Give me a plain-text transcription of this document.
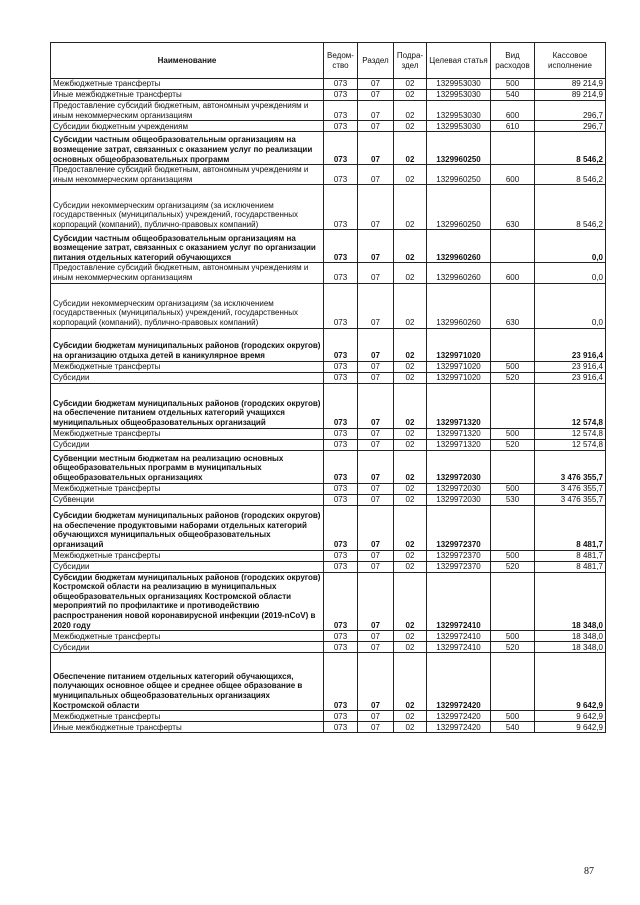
Наименование	Ведом-ство	Раздел	Подра-здел	Целевая статья	Вид расходов	Кассовое исполнение
Межбюджетные трансферты	073	07	02	1329953030	500	89 214,9
Иные межбюджетные трансферты	073	07	02	1329953030	540	89 214,9
Предоставление субсидий бюджетным, автономным учреждениям и иным некоммерческим организациям	073	07	02	1329953030	600	296,7
Субсидии бюджетным учреждениям	073	07	02	1329953030	610	296,7
Субсидии частным общеобразовательным организациям на возмещение затрат, связанных с оказанием услуг по реализации основных общеобразовательных программ	073	07	02	1329960250		8 546,2
Предоставление субсидий бюджетным, автономным учреждениям и иным некоммерческим организациям	073	07	02	1329960250	600	8 546,2
Субсидии некоммерческим организациям (за исключением государственных (муниципальных) учреждений, государственных корпораций (компаний), публично-правовых компаний)	073	07	02	1329960250	630	8 546,2
Субсидии частным общеобразовательным организациям на возмещение затрат, связанных с оказанием услуг по организации питания отдельных категорий обучающихся	073	07	02	1329960260		0,0
Предоставление субсидий бюджетным, автономным учреждениям и иным некоммерческим организациям	073	07	02	1329960260	600	0,0
Субсидии некоммерческим организациям (за исключением государственных (муниципальных) учреждений, государственных корпораций (компаний), публично-правовых компаний)	073	07	02	1329960260	630	0,0
Субсидии бюджетам муниципальных районов (городских округов) на организацию отдыха детей в каникулярное время	073	07	02	1329971020		23 916,4
Межбюджетные трансферты	073	07	02	1329971020	500	23 916,4
Субсидии	073	07	02	1329971020	520	23 916,4
Субсидии бюджетам муниципальных районов (городских округов) на обеспечение питанием отдельных категорий учащихся муниципальных общеобразовательных организаций	073	07	02	1329971320		12 574,8
Межбюджетные трансферты	073	07	02	1329971320	500	12 574,8
Субсидии	073	07	02	1329971320	520	12 574,8
Субвенции местным бюджетам на реализацию основных общеобразовательных программ в муниципальных общеобразовательных организациях	073	07	02	1329972030		3 476 355,7
Межбюджетные трансферты	073	07	02	1329972030	500	3 476 355,7
Субвенции	073	07	02	1329972030	530	3 476 355,7
Субсидии бюджетам муниципальных районов (городских округов) на обеспечение продуктовыми наборами отдельных категорий обучающихся муниципальных общеобразовательных организаций	073	07	02	1329972370		8 481,7
Межбюджетные трансферты	073	07	02	1329972370	500	8 481,7
Субсидии	073	07	02	1329972370	520	8 481,7
Субсидии бюджетам муниципальных районов (городских округов) Костромской области на реализацию в муниципальных общеобразовательных организациях Костромской области мероприятий по профилактике и противодействию распространения новой коронавирусной инфекции (2019-nCoV) в 2020 году	073	07	02	1329972410		18 348,0
Межбюджетные трансферты	073	07	02	1329972410	500	18 348,0
Субсидии	073	07	02	1329972410	520	18 348,0
Обеспечение питанием отдельных категорий обучающихся, получающих основное общее и среднее общее образование в муниципальных общеобразовательных организациях Костромской области	073	07	02	1329972420		9 642,9
Межбюджетные трансферты	073	07	02	1329972420	500	9 642,9
Иные межбюджетные трансферты	073	07	02	1329972420	540	9 642,9
87
